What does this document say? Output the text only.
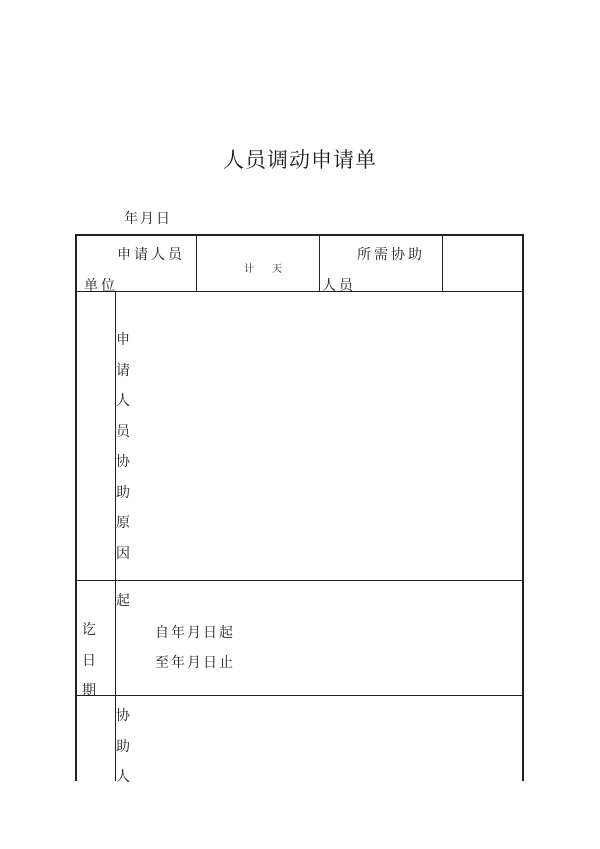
人员调动申请单
年月日
申请人员
单位
计 天
所需协助
人员
申
请
人
员
协
助
原
因
起
讫
日
期
自年月日起
至年月日止
协
助
人
